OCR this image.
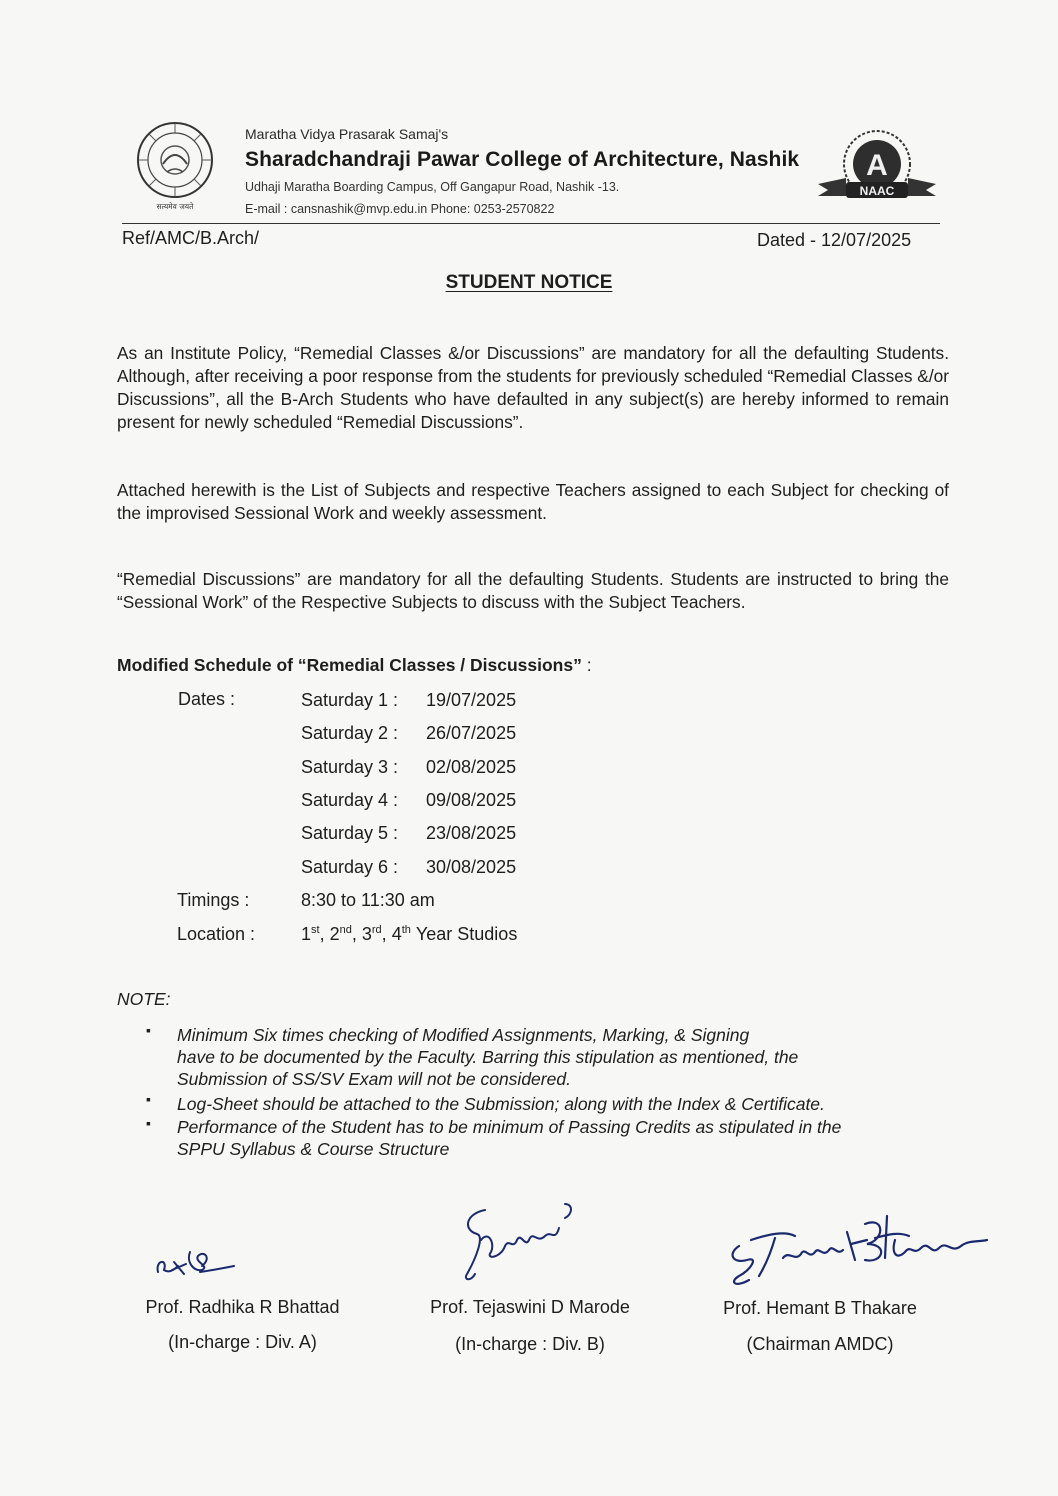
सत्यमेव जयते
Maratha Vidya Prasarak Samaj's
Sharadchandraji Pawar College of Architecture, Nashik
Udhaji Maratha Boarding Campus, Off Gangapur Road, Nashik -13.
E-mail : cansnashik@mvp.edu.in Phone: 0253-2570822
A
NAAC
Ref/AMC/B.Arch/	Dated - 12/07/2025
STUDENT NOTICE
As an Institute Policy, “Remedial Classes &/or Discussions” are mandatory for all the defaulting Students. Although, after receiving a poor response from the students for previously scheduled “Remedial Classes &/or Discussions”, all the B-Arch Students who have defaulted in any subject(s) are hereby informed to remain present for newly scheduled “Remedial Discussions”.
Attached herewith is the List of Subjects and respective Teachers assigned to each Subject for checking of the improvised Sessional Work and weekly assessment.
“Remedial Discussions” are mandatory for all the defaulting Students. Students are instructed to bring the “Sessional Work” of the Respective Subjects to discuss with the Subject Teachers.
Modified Schedule of “Remedial Classes / Discussions” :
Dates :	Saturday 1 : 19/07/2025
Saturday 2 : 26/07/2025
Saturday 3 : 02/08/2025
Saturday 4 : 09/08/2025
Saturday 5 : 23/08/2025
Saturday 6 : 30/08/2025
Timings :	8:30 to 11:30 am
Location :	1st, 2nd, 3rd, 4th Year Studios
NOTE:
▪ Minimum Six times checking of Modified Assignments, Marking, & Signing
have to be documented by the Faculty. Barring this stipulation as mentioned, the
Submission of SS/SV Exam will not be considered.
▪ Log-Sheet should be attached to the Submission; along with the Index & Certificate.
▪ Performance of the Student has to be minimum of Passing Credits as stipulated in the
SPPU Syllabus & Course Structure
Prof. Radhika R Bhattad
(In-charge : Div. A)
Prof. Tejaswini D Marode
(In-charge : Div. B)
Prof. Hemant B Thakare
(Chairman AMDC)
